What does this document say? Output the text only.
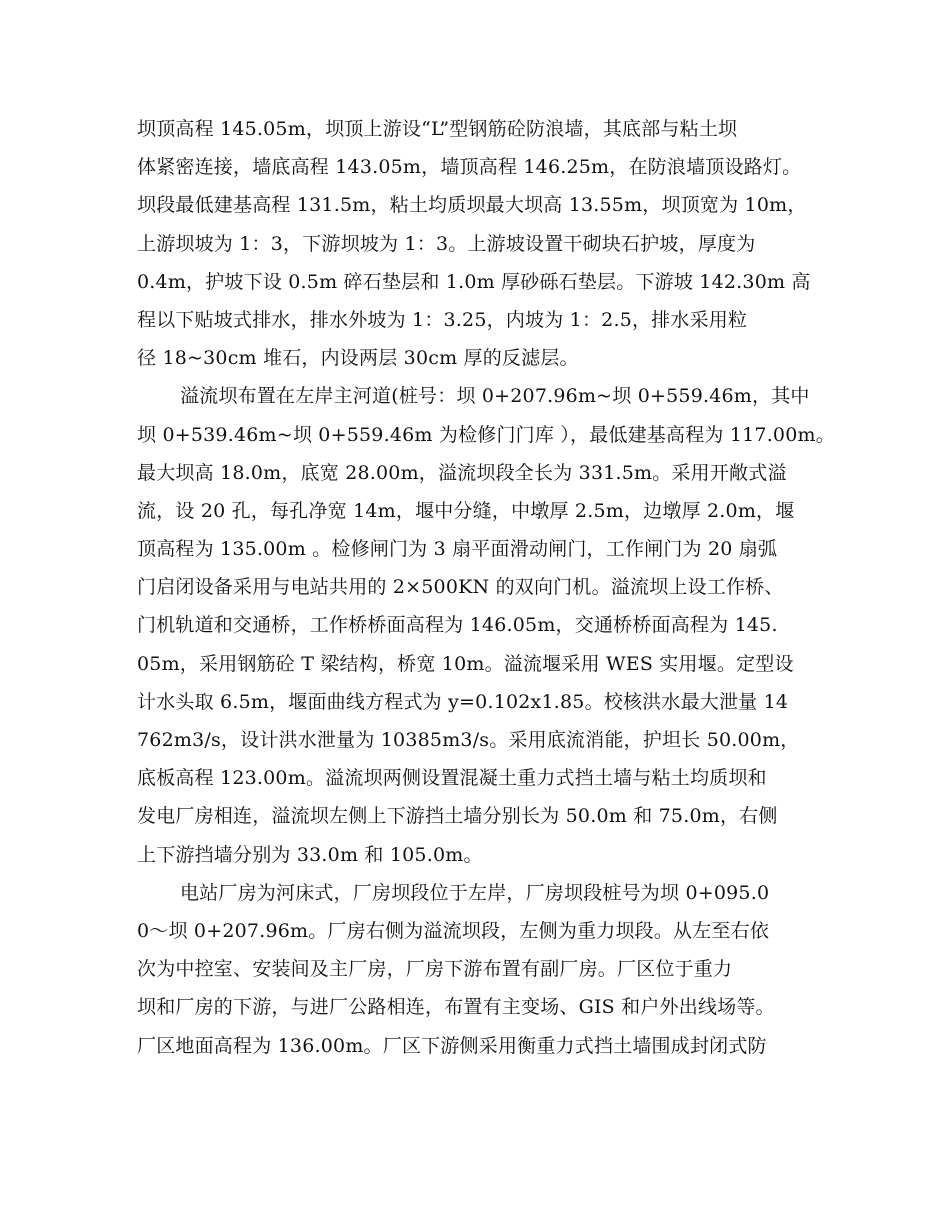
坝顶高程 145.05m，坝顶上游设“L”型钢筋砼防浪墙，其底部与粘土坝
体紧密连接，墙底高程 143.05m，墙顶高程 146.25m，在防浪墙顶设路灯。
坝段最低建基高程 131.5m，粘土均质坝最大坝高 13.55m，坝顶宽为 10m，
上游坝坡为 1：3，下游坝坡为 1：3。上游坡设置干砌块石护坡，厚度为
0.4m，护坡下设 0.5m 碎石垫层和 1.0m 厚砂砾石垫层。下游坡 142.30m 高
程以下贴坡式排水，排水外坡为 1：3.25，内坡为 1：2.5，排水采用粒
径 18~30cm 堆石，内设两层 30cm 厚的反滤层。
溢流坝布置在左岸主河道(桩号：坝 0+207.96m~坝 0+559.46m，其中
坝 0+539.46m~坝 0+559.46m 为检修门门库 ），最低建基高程为 117.00m。
最大坝高 18.0m，底宽 28.00m，溢流坝段全长为 331.5m。采用开敞式溢
流，设 20 孔，每孔净宽 14m，堰中分缝，中墩厚 2.5m，边墩厚 2.0m，堰
顶高程为 135.00m 。检修闸门为 3 扇平面滑动闸门，工作闸门为 20 扇弧
门启闭设备采用与电站共用的 2×500KN 的双向门机。溢流坝上设工作桥、
门机轨道和交通桥，工作桥桥面高程为 146.05m，交通桥桥面高程为 145.
05m，采用钢筋砼 T 梁结构，桥宽 10m。溢流堰采用 WES 实用堰。定型设
计水头取 6.5m，堰面曲线方程式为 y=0.102x1.85。校核洪水最大泄量 14
762m3/s，设计洪水泄量为 10385m3/s。采用底流消能，护坦长 50.00m，
底板高程 123.00m。溢流坝两侧设置混凝土重力式挡土墙与粘土均质坝和
发电厂房相连，溢流坝左侧上下游挡土墙分别长为 50.0m 和 75.0m，右侧
上下游挡墙分别为 33.0m 和 105.0m。
电站厂房为河床式，厂房坝段位于左岸，厂房坝段桩号为坝 0+095.0
0～坝 0+207.96m。厂房右侧为溢流坝段，左侧为重力坝段。从左至右依
次为中控室、安装间及主厂房，厂房下游布置有副厂房。厂区位于重力
坝和厂房的下游，与进厂公路相连，布置有主变场、GIS 和户外出线场等。
厂区地面高程为 136.00m。厂区下游侧采用衡重力式挡土墙围成封闭式防
